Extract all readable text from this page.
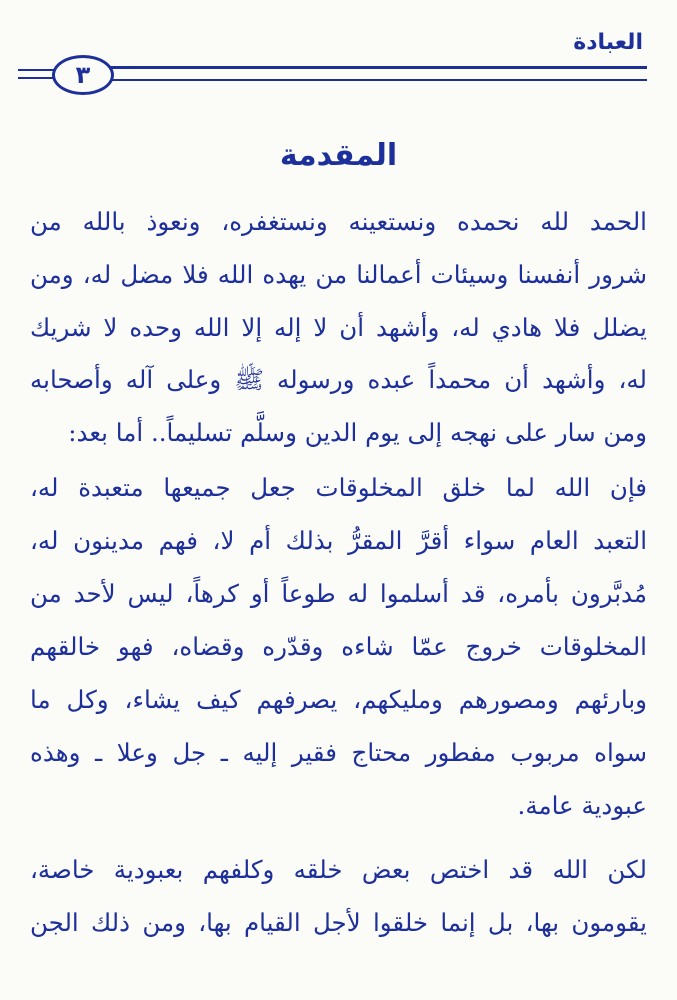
العبادة
٣
المقدمة
الحمد لله نحمده ونستعينه ونستغفره، ونعوذ بالله من
شرور أنفسنا وسيئات أعمالنا من يهده الله فلا مضل له، ومن
يضلل فلا هادي له، وأشهد أن لا إله إلا الله وحده لا شريك
له، وأشهد أن محمداً عبده ورسوله ﷺ وعلى آله وأصحابه
ومن سار على نهجه إلى يوم الدين وسلَّم تسليماً.. أما بعد:
فإن الله لما خلق المخلوقات جعل جميعها متعبدة له،
التعبد العام سواء أقرَّ المقرُّ بذلك أم لا، فهم مدينون له،
مُدبَّرون بأمره، قد أسلموا له طوعاً أو كرهاً، ليس لأحد من
المخلوقات خروج عمّا شاءه وقدّره وقضاه، فهو خالقهم
وبارئهم ومصورهم ومليكهم، يصرفهم كيف يشاء، وكل ما
سواه مربوب مفطور محتاج فقير إليه ـ جل وعلا ـ وهذه
عبودية عامة.
لكن الله قد اختص بعض خلقه وكلفهم بعبودية خاصة،
يقومون بها، بل إنما خلقوا لأجل القيام بها، ومن ذلك الجن
